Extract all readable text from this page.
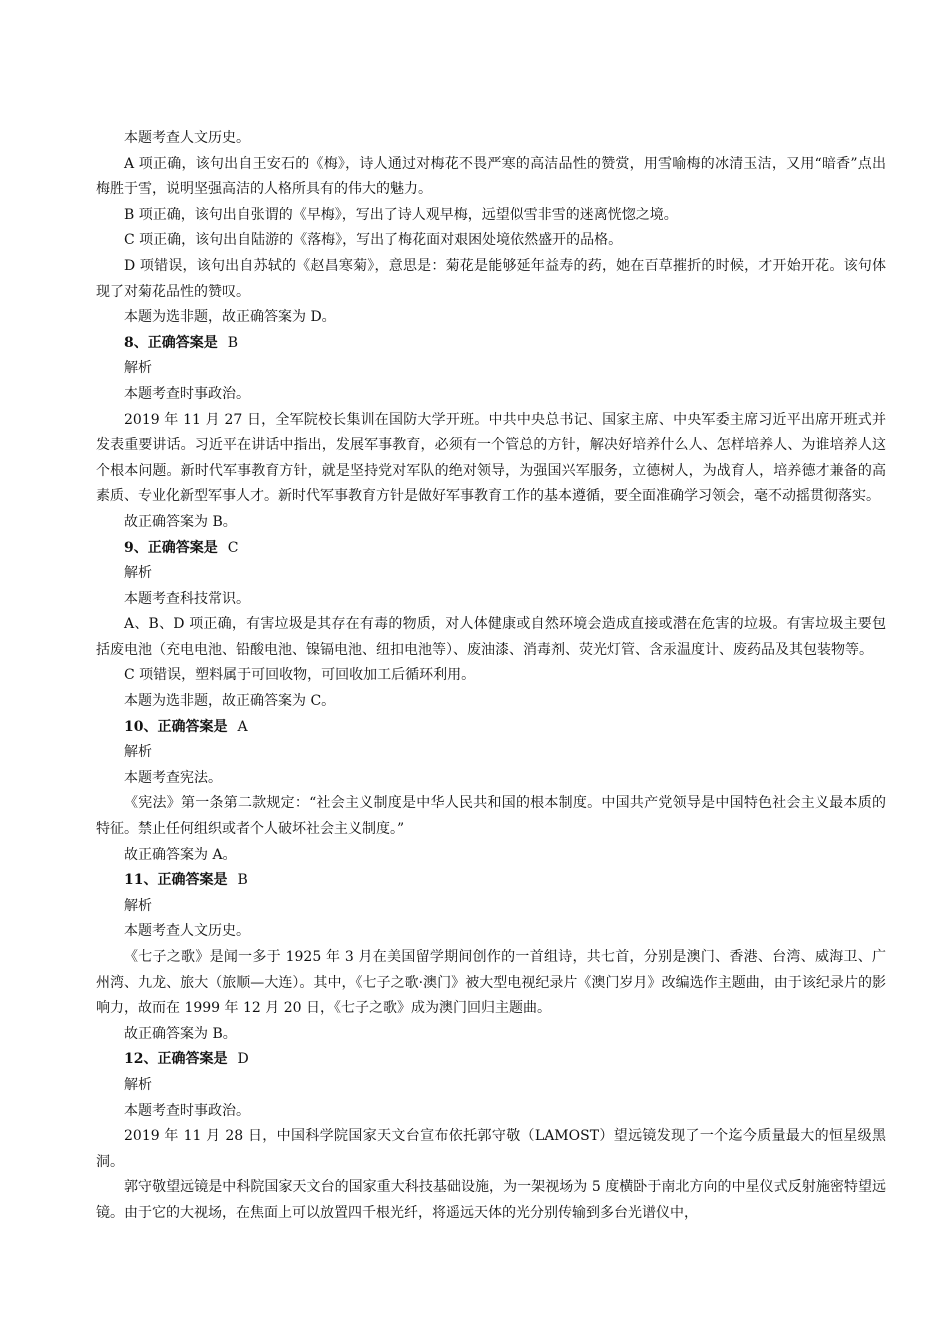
本题考查人文历史。

A 项正确，该句出自王安石的《梅》，诗人通过对梅花不畏严寒的高洁品性的赞赏，用雪喻梅的冰清玉洁，又用“暗香”点出梅胜于雪，说明坚强高洁的人格所具有的伟大的魅力。

B 项正确，该句出自张谓的《早梅》，写出了诗人观早梅，远望似雪非雪的迷离恍惚之境。

C 项正确，该句出自陆游的《落梅》，写出了梅花面对艰困处境依然盛开的品格。

D 项错误，该句出自苏轼的《赵昌寒菊》，意思是：菊花是能够延年益寿的药，她在百草摧折的时候，才开始开花。该句体现了对菊花品性的赞叹。

本题为选非题，故正确答案为 D。

8、正确答案是 B

解析

本题考查时事政治。

2019 年 11 月 27 日，全军院校长集训在国防大学开班。中共中央总书记、国家主席、中央军委主席习近平出席开班式并发表重要讲话。习近平在讲话中指出，发展军事教育，必须有一个管总的方针，解决好培养什么人、怎样培养人、为谁培养人这个根本问题。新时代军事教育方针，就是坚持党对军队的绝对领导，为强国兴军服务，立德树人，为战育人，培养德才兼备的高素质、专业化新型军事人才。新时代军事教育方针是做好军事教育工作的基本遵循，要全面准确学习领会，毫不动摇贯彻落实。

故正确答案为 B。

9、正确答案是 C

解析

本题考查科技常识。

A、B、D 项正确，有害垃圾是其存在有毒的物质，对人体健康或自然环境会造成直接或潜在危害的垃圾。有害垃圾主要包括废电池（充电电池、铅酸电池、镍镉电池、纽扣电池等）、废油漆、消毒剂、荧光灯管、含汞温度计、废药品及其包装物等。

C 项错误，塑料属于可回收物，可回收加工后循环利用。

本题为选非题，故正确答案为 C。

10、正确答案是 A

解析

本题考查宪法。

《宪法》第一条第二款规定：“社会主义制度是中华人民共和国的根本制度。中国共产党领导是中国特色社会主义最本质的特征。禁止任何组织或者个人破坏社会主义制度。”

故正确答案为 A。

11、正确答案是 B

解析

本题考查人文历史。

《七子之歌》是闻一多于 1925 年 3 月在美国留学期间创作的一首组诗，共七首，分别是澳门、香港、台湾、威海卫、广州湾、九龙、旅大（旅顺—大连）。其中，《七子之歌·澳门》被大型电视纪录片《澳门岁月》改编选作主题曲，由于该纪录片的影响力，故而在 1999 年 12 月 20 日，《七子之歌》成为澳门回归主题曲。

故正确答案为 B。

12、正确答案是 D

解析

本题考查时事政治。

2019 年 11 月 28 日，中国科学院国家天文台宣布依托郭守敬（LAMOST）望远镜发现了一个迄今质量最大的恒星级黑洞。

郭守敬望远镜是中科院国家天文台的国家重大科技基础设施，为一架视场为 5 度横卧于南北方向的中星仪式反射施密特望远镜。由于它的大视场，在焦面上可以放置四千根光纤，将遥远天体的光分别传输到多台光谱仪中，
